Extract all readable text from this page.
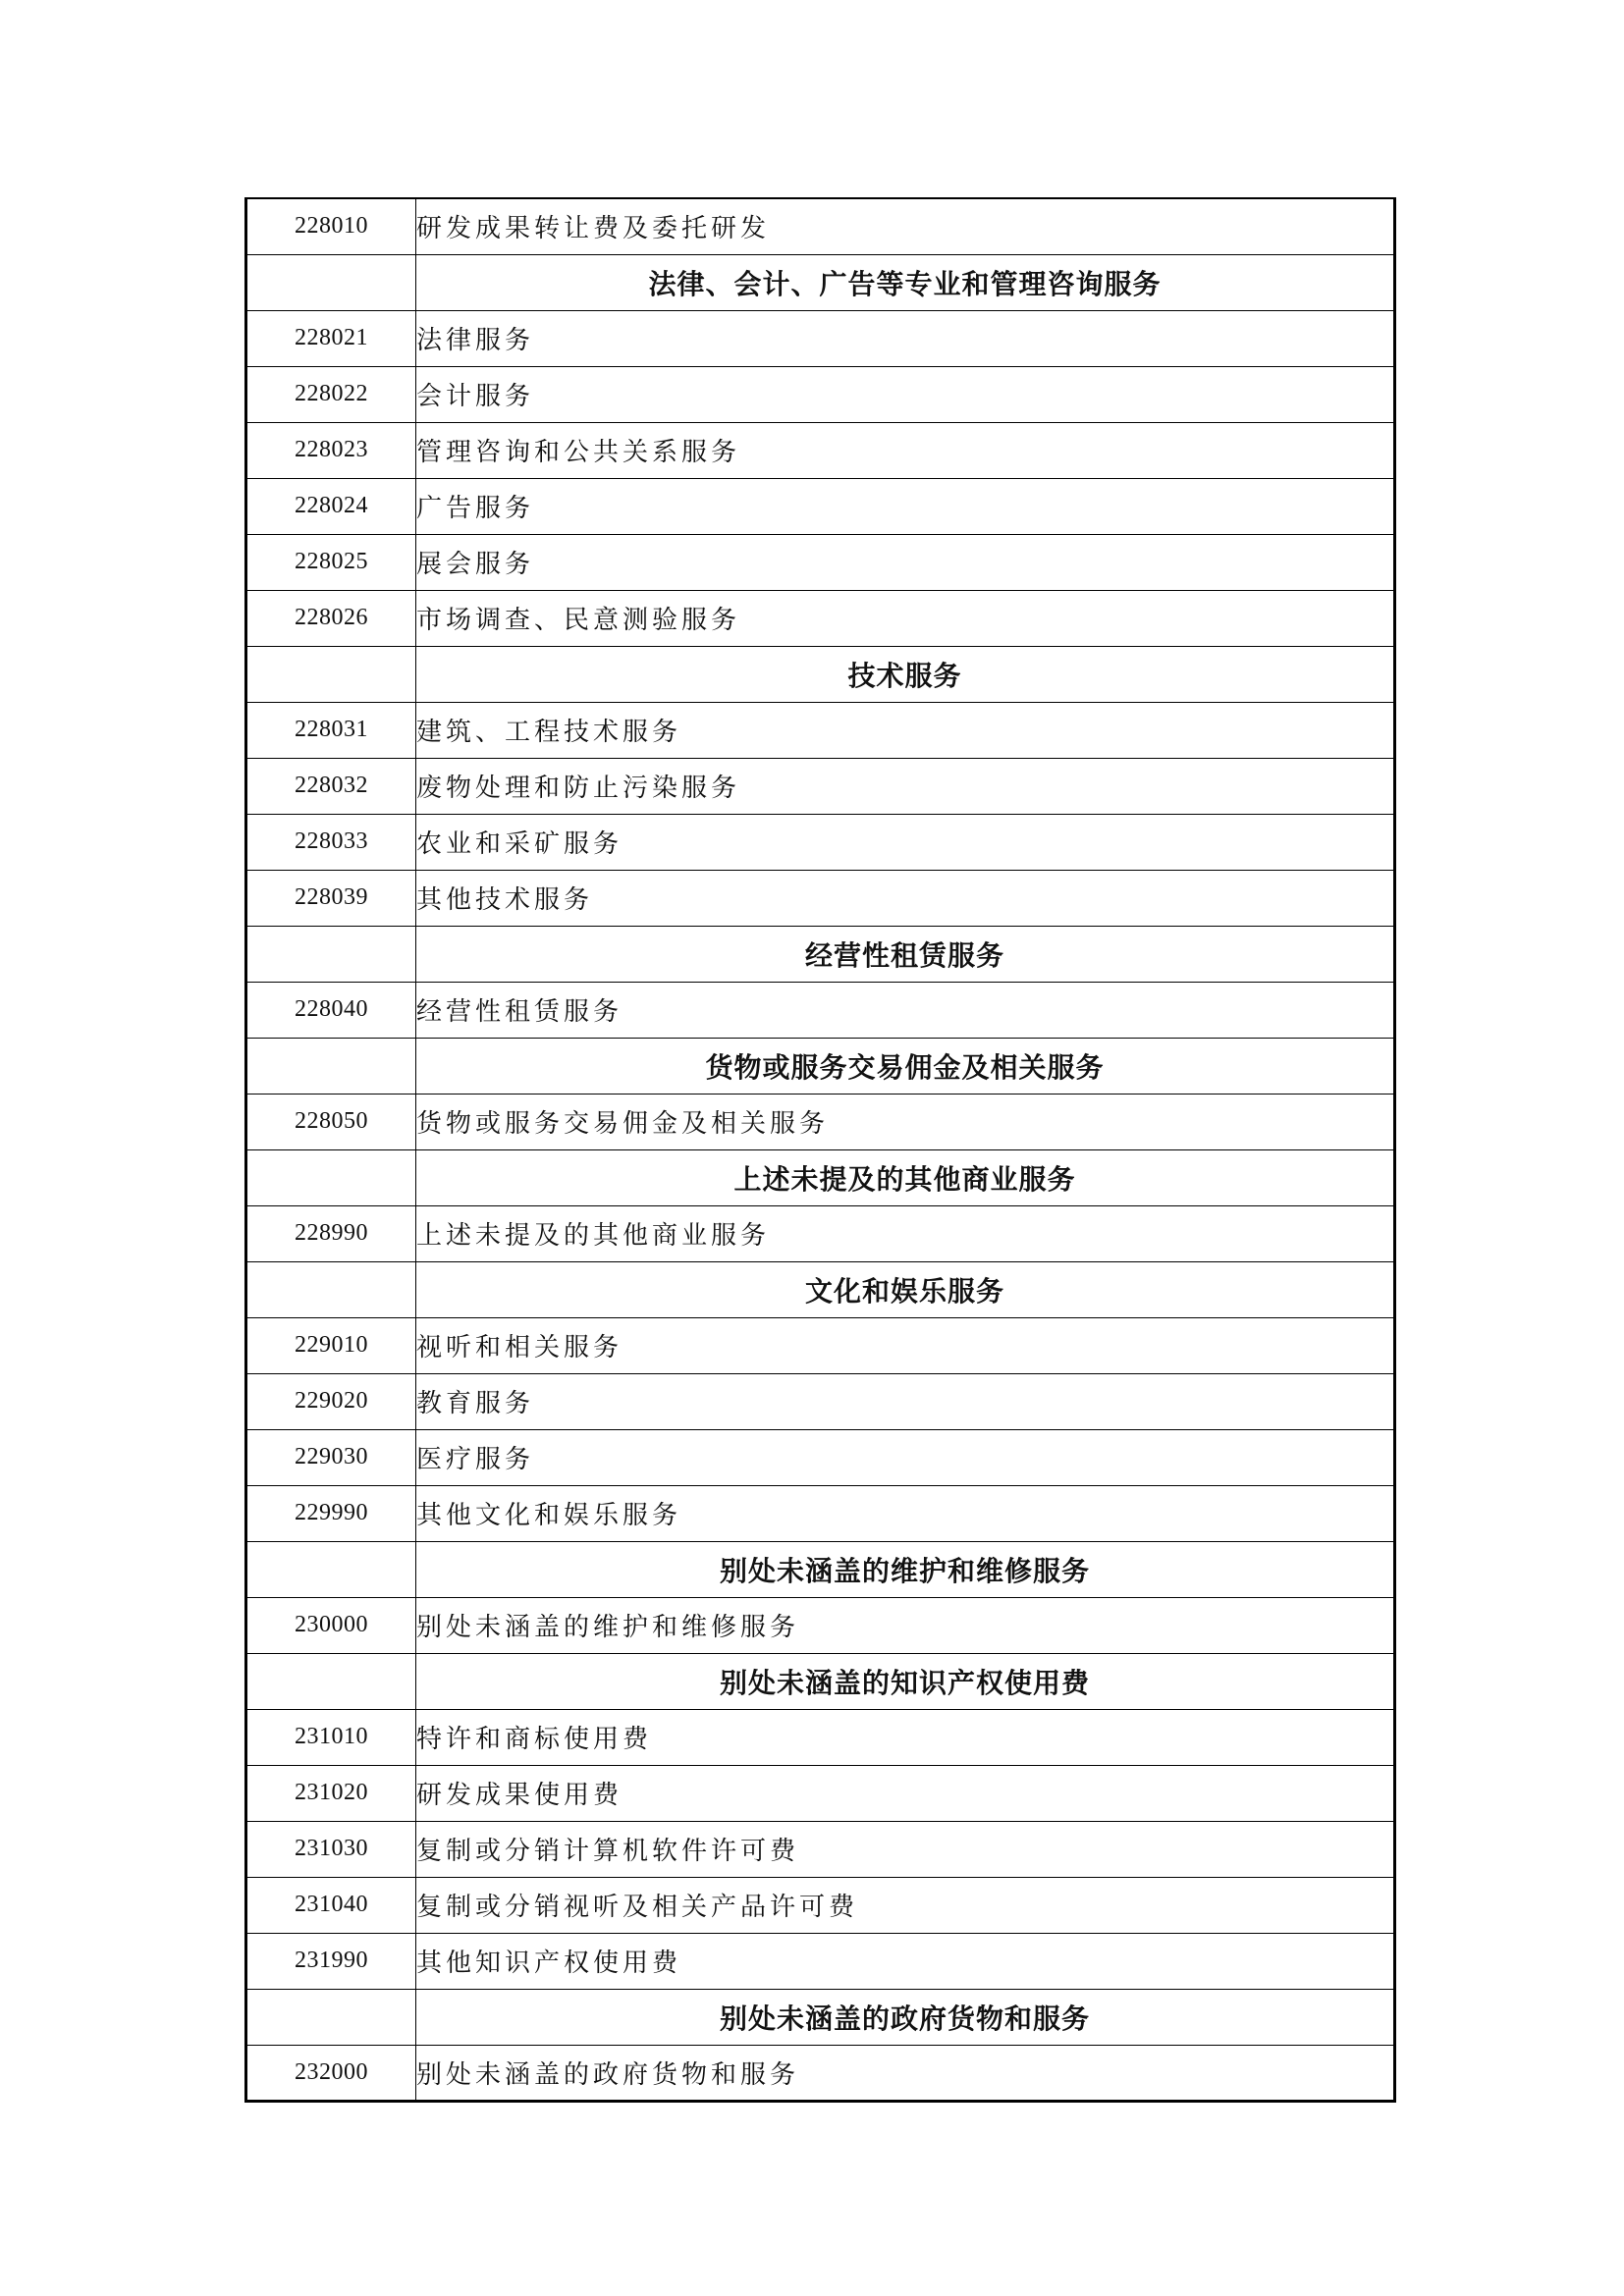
228010	研发成果转让费及委托研发
	法律、会计、广告等专业和管理咨询服务
228021	法律服务
228022	会计服务
228023	管理咨询和公共关系服务
228024	广告服务
228025	展会服务
228026	市场调查、民意测验服务
	技术服务
228031	建筑、工程技术服务
228032	废物处理和防止污染服务
228033	农业和采矿服务
228039	其他技术服务
	经营性租赁服务
228040	经营性租赁服务
	货物或服务交易佣金及相关服务
228050	货物或服务交易佣金及相关服务
	上述未提及的其他商业服务
228990	上述未提及的其他商业服务
	文化和娱乐服务
229010	视听和相关服务
229020	教育服务
229030	医疗服务
229990	其他文化和娱乐服务
	别处未涵盖的维护和维修服务
230000	别处未涵盖的维护和维修服务
	别处未涵盖的知识产权使用费
231010	特许和商标使用费
231020	研发成果使用费
231030	复制或分销计算机软件许可费
231040	复制或分销视听及相关产品许可费
231990	其他知识产权使用费
	别处未涵盖的政府货物和服务
232000	别处未涵盖的政府货物和服务
